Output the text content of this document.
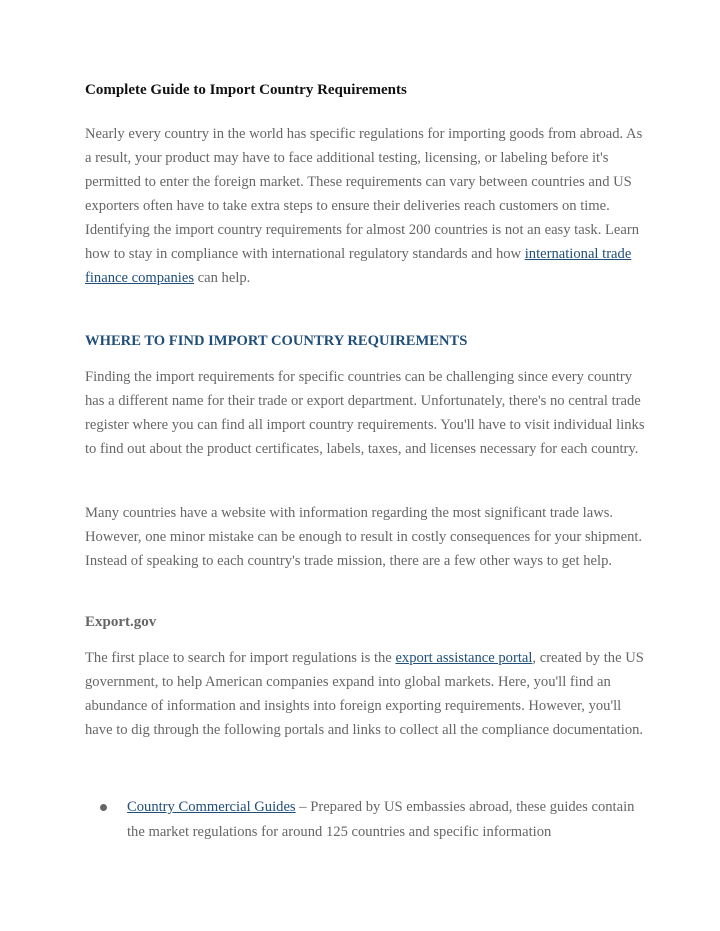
Complete Guide to Import Country Requirements

Nearly every country in the world has specific regulations for importing goods from abroad. As a result, your product may have to face additional testing, licensing, or labeling before it's permitted to enter the foreign market. These requirements can vary between countries and US exporters often have to take extra steps to ensure their deliveries reach customers on time. Identifying the import country requirements for almost 200 countries is not an easy task. Learn how to stay in compliance with international regulatory standards and how international trade finance companies can help.

WHERE TO FIND IMPORT COUNTRY REQUIREMENTS

Finding the import requirements for specific countries can be challenging since every country has a different name for their trade or export department. Unfortunately, there's no central trade register where you can find all import country requirements. You'll have to visit individual links to find out about the product certificates, labels, taxes, and licenses necessary for each country.

Many countries have a website with information regarding the most significant trade laws. However, one minor mistake can be enough to result in costly consequences for your shipment. Instead of speaking to each country's trade mission, there are a few other ways to get help.

Export.gov

The first place to search for import regulations is the export assistance portal, created by the US government, to help American companies expand into global markets. Here, you'll find an abundance of information and insights into foreign exporting requirements. However, you'll have to dig through the following portals and links to collect all the compliance documentation.

Country Commercial Guides – Prepared by US embassies abroad, these guides contain the market regulations for around 125 countries and specific information
